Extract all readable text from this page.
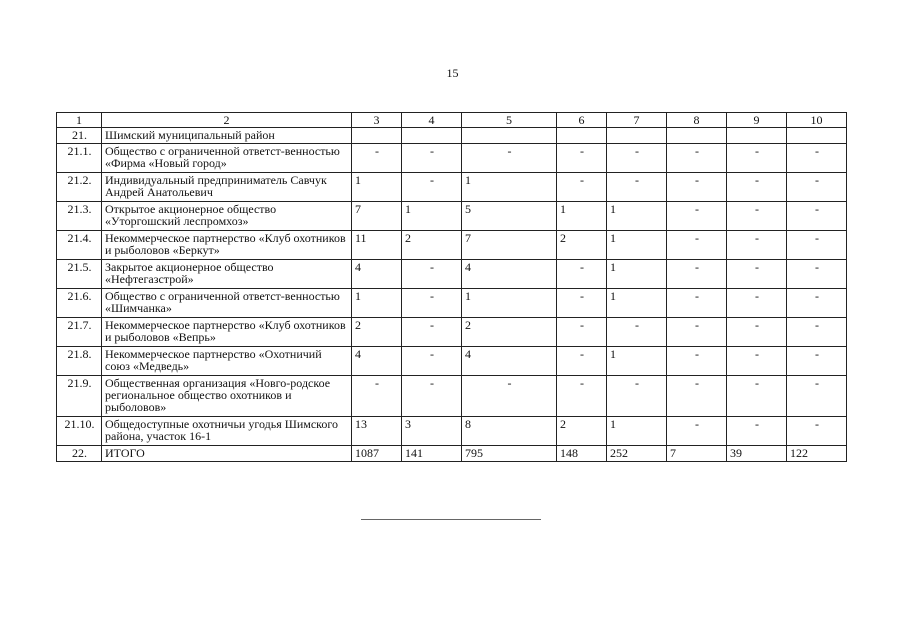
15
1	2	3	4	5	6	7	8	9	10
21.	Шимский муниципальный район								
21.1.	Общество с ограниченной ответст-венностью «Фирма «Новый город»	-	-	-	-	-	-	-	-
21.2.	Индивидуальный предприниматель Савчук Андрей Анатольевич	1	-	1	-	-	-	-	-
21.3.	Открытое акционерное общество «Уторгошский леспромхоз»	7	1	5	1	1	-	-	-
21.4.	Некоммерческое партнерство «Клуб охотников и рыболовов «Беркут»	11	2	7	2	1	-	-	-
21.5.	Закрытое акционерное общество «Нефтегазстрой»	4	-	4	-	1	-	-	-
21.6.	Общество с ограниченной ответст-венностью «Шимчанка»	1	-	1	-	1	-	-	-
21.7.	Некоммерческое партнерство «Клуб охотников и рыболовов «Вепрь»	2	-	2	-	-	-	-	-
21.8.	Некоммерческое партнерство «Охотничий союз «Медведь»	4	-	4	-	1	-	-	-
21.9.	Общественная организация «Новго-родское региональное общество охотников и рыболовов»	-	-	-	-	-	-	-	-
21.10.	Общедоступные охотничьи угодья Шимского района, участок 16-1	13	3	8	2	1	-	-	-
22.	ИТОГО	1087	141	795	148	252	7	39	122
